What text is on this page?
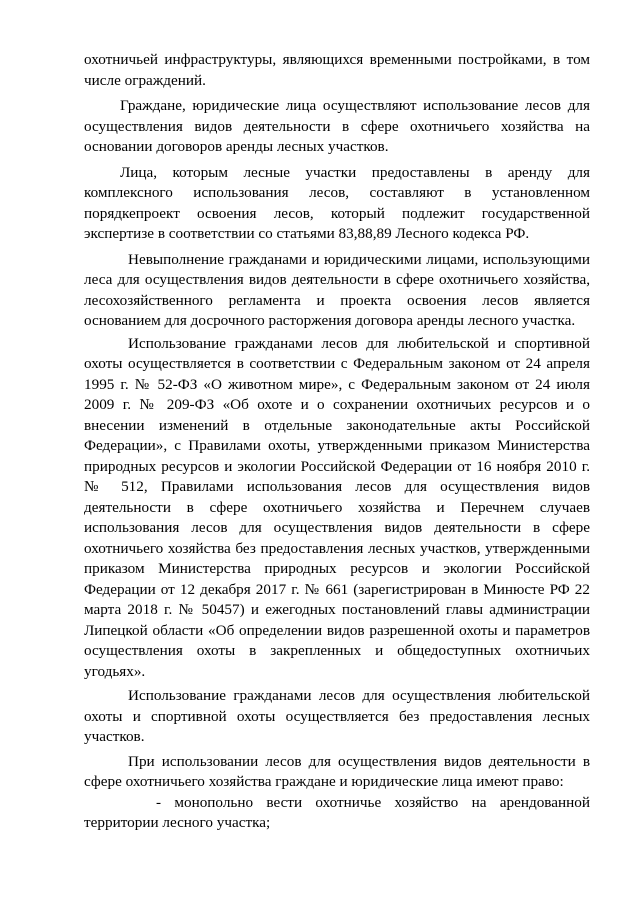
охотничьей инфраструктуры, являющихся временными постройками, в том числе ограждений.

Граждане, юридические лица осуществляют использование лесов для осуществления видов деятельности в сфере охотничьего хозяйства на основании договоров аренды лесных участков.

Лица, которым лесные участки предоставлены в аренду для комплексного использования лесов, составляют в установленном порядкепроект освоения лесов, который подлежит государственной экспертизе в соответствии со статьями 83,88,89 Лесного кодекса РФ.

Невыполнение гражданами и юридическими лицами, использующими леса для осуществления видов деятельности в сфере охотничьего хозяйства, лесохозяйственного регламента и проекта освоения лесов является основанием для досрочного расторжения договора аренды лесного участка.

Использование гражданами лесов для любительской и спортивной охоты осуществляется в соответствии с Федеральным законом от 24 апреля 1995 г. № 52-ФЗ «О животном мире», с Федеральным законом от 24 июля 2009 г. № 209-ФЗ «Об охоте и о сохранении охотничьих ресурсов и о внесении изменений в отдельные законодательные акты Российской Федерации», с Правилами охоты, утвержденными приказом Министерства природных ресурсов и экологии Российской Федерации от 16 ноября 2010 г. № 512, Правилами использования лесов для осуществления видов деятельности в сфере охотничьего хозяйства и Перечнем случаев использования лесов для осуществления видов деятельности в сфере охотничьего хозяйства без предоставления лесных участков, утвержденными приказом Министерства природных ресурсов и экологии Российской Федерации от 12 декабря 2017 г. № 661 (зарегистрирован в Минюсте РФ 22 марта 2018 г. № 50457) и ежегодных постановлений главы администрации Липецкой области «Об определении видов разрешенной охоты и параметров осуществления охоты в закрепленных и общедоступных охотничьих угодьях».

Использование гражданами лесов для осуществления любительской охоты и спортивной охоты осуществляется без предоставления лесных участков.

При использовании лесов для осуществления видов деятельности в сфере охотничьего хозяйства граждане и юридические лица имеют право:

- монопольно вести охотничье хозяйство на арендованной территории лесного участка;
